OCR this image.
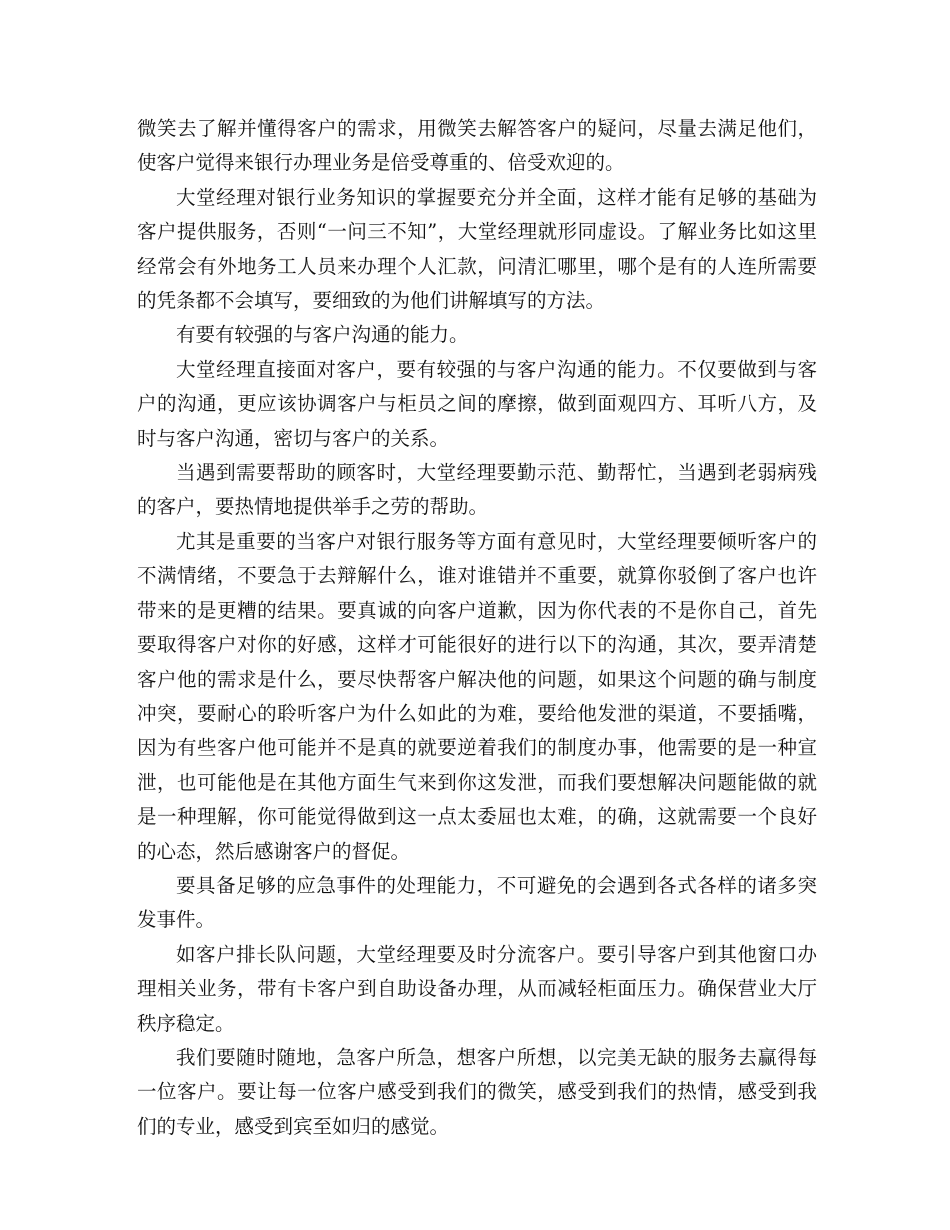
微笑去了解并懂得客户的需求，用微笑去解答客户的疑问，尽量去满足他们，使客户觉得来银行办理业务是倍受尊重的、倍受欢迎的。

大堂经理对银行业务知识的掌握要充分并全面，这样才能有足够的基础为客户提供服务，否则“一问三不知”，大堂经理就形同虚设。了解业务比如这里经常会有外地务工人员来办理个人汇款，问清汇哪里，哪个是有的人连所需要的凭条都不会填写，要细致的为他们讲解填写的方法。

有要有较强的与客户沟通的能力。

大堂经理直接面对客户，要有较强的与客户沟通的能力。不仅要做到与客户的沟通，更应该协调客户与柜员之间的摩擦，做到面观四方、耳听八方，及时与客户沟通，密切与客户的关系。

当遇到需要帮助的顾客时，大堂经理要勤示范、勤帮忙，当遇到老弱病残的客户，要热情地提供举手之劳的帮助。

尤其是重要的当客户对银行服务等方面有意见时，大堂经理要倾听客户的不满情绪，不要急于去辩解什么，谁对谁错并不重要，就算你驳倒了客户也许带来的是更糟的结果。要真诚的向客户道歉，因为你代表的不是你自己，首先要取得客户对你的好感，这样才可能很好的进行以下的沟通，其次，要弄清楚客户他的需求是什么，要尽快帮客户解决他的问题，如果这个问题的确与制度冲突，要耐心的聆听客户为什么如此的为难，要给他发泄的渠道，不要插嘴，因为有些客户他可能并不是真的就要逆着我们的制度办事，他需要的是一种宣泄，也可能他是在其他方面生气来到你这发泄，而我们要想解决问题能做的就是一种理解，你可能觉得做到这一点太委屈也太难，的确，这就需要一个良好的心态，然后感谢客户的督促。

要具备足够的应急事件的处理能力，不可避免的会遇到各式各样的诸多突发事件。

如客户排长队问题，大堂经理要及时分流客户。要引导客户到其他窗口办理相关业务，带有卡客户到自助设备办理，从而减轻柜面压力。确保营业大厅秩序稳定。

我们要随时随地，急客户所急，想客户所想，以完美无缺的服务去赢得每一位客户。要让每一位客户感受到我们的微笑，感受到我们的热情，感受到我们的专业，感受到宾至如归的感觉。
